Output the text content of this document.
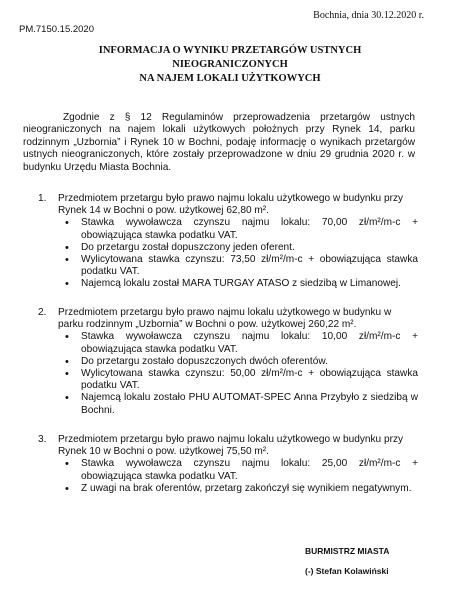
Bochnia, dnia 30.12.2020 r.
PM.7150.15.2020
INFORMACJA O WYNIKU PRZETARGÓW USTNYCH
NIEOGRANICZONYCH
NA NAJEM LOKALI UŻYTKOWYCH
Zgodnie z § 12 Regulaminów przeprowadzenia przetargów ustnych nieograniczonych na najem lokali użytkowych położnych przy Rynek 14, parku rodzinnym „Uzbornia” i Rynek 10 w Bochni, podaję informację o wynikach przetargów ustnych nieograniczonych, które zostały przeprowadzone w dniu 29 grudnia 2020 r. w budynku Urzędu Miasta Bochnia.
1. Przedmiotem przetargu było prawo najmu lokalu użytkowego w budynku przy Rynek 14 w Bochni o pow. użytkowej 62,80 m².
• Stawka wywoławcza czynszu najmu lokalu: 70,00 zł/m²/m-c + obowiązująca stawka podatku VAT.
• Do przetargu został dopuszczony jeden oferent.
• Wylicytowana stawka czynszu: 73,50 zł/m²/m-c + obowiązująca stawka podatku VAT.
• Najemcą lokalu został MARA TURGAY ATASO z siedzibą w Limanowej.
2. Przedmiotem przetargu było prawo najmu lokalu użytkowego w budynku w parku rodzinnym „Uzbornia” w Bochni o pow. użytkowej 260,22 m².
• Stawka wywoławcza czynszu najmu lokalu: 10,00 zł/m²/m-c + obowiązująca stawka podatku VAT.
• Do przetargu zostało dopuszczonych dwóch oferentów.
• Wylicytowana stawka czynszu: 50,00 zł/m²/m-c + obowiązująca stawka podatku VAT.
• Najemcą lokalu zostało PHU AUTOMAT-SPEC Anna Przybyło z siedzibą w Bochni.
3. Przedmiotem przetargu było prawo najmu lokalu użytkowego w budynku przy Rynek 10 w Bochni o pow. użytkowej 75,50 m².
• Stawka wywoławcza czynszu najmu lokalu: 25,00 zł/m²/m-c + obowiązująca stawka podatku VAT.
• Z uwagi na brak oferentów, przetarg zakończył się wynikiem negatywnym.
BURMISTRZ MIASTA
(-) Stefan Kolawiński
